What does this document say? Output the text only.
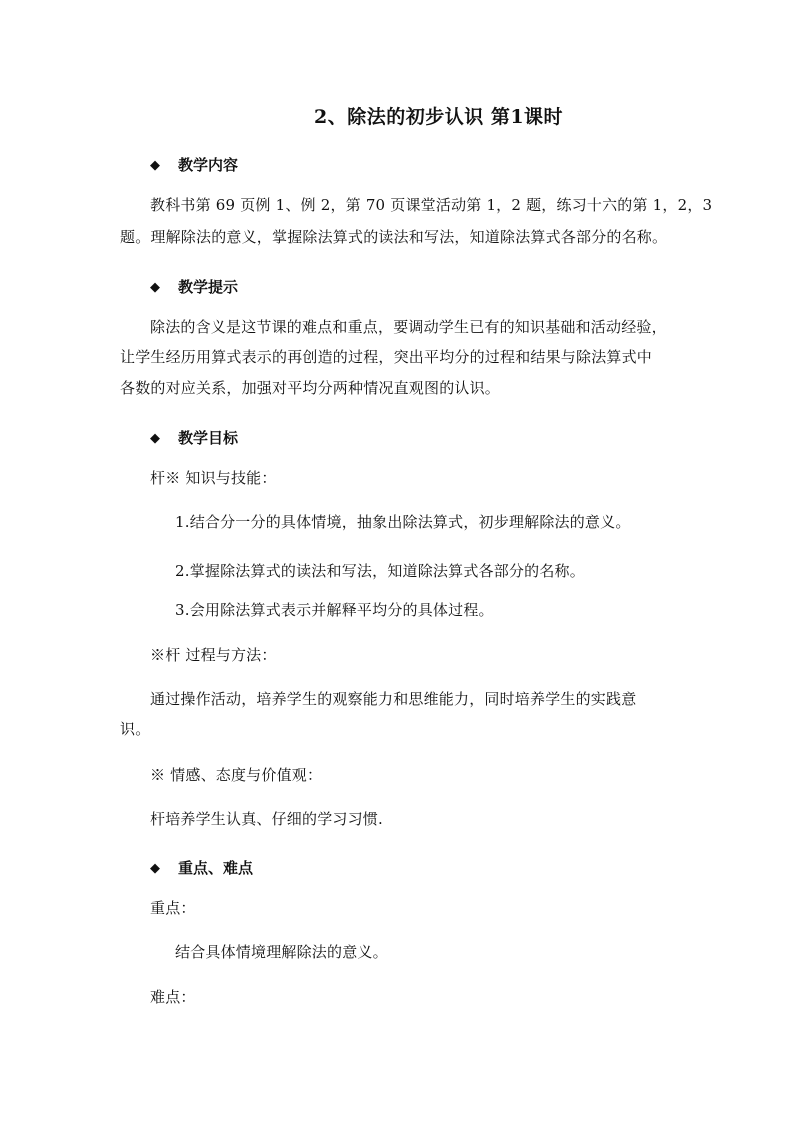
2、除法的初步认识 第1课时
◆	教学内容
教科书第 69 页例 1、例 2，第 70 页课堂活动第 1，2 题，练习十六的第 1，2，3
题。理解除法的意义，掌握除法算式的读法和写法，知道除法算式各部分的名称。
◆	教学提示
除法的含义是这节课的难点和重点，要调动学生已有的知识基础和活动经验，
让学生经历用算式表示的再创造的过程，突出平均分的过程和结果与除法算式中
各数的对应关系，加强对平均分两种情况直观图的认识。
◆	教学目标
杆※ 知识与技能：
1.结合分一分的具体情境，抽象出除法算式，初步理解除法的意义。
2.掌握除法算式的读法和写法，知道除法算式各部分的名称。
3.会用除法算式表示并解释平均分的具体过程。
※杆 过程与方法：
通过操作活动，培养学生的观察能力和思维能力，同时培养学生的实践意
识。
※ 情感、态度与价值观：
杆培养学生认真、仔细的学习习惯.
◆	重点、难点
重点：
结合具体情境理解除法的意义。
难点：
